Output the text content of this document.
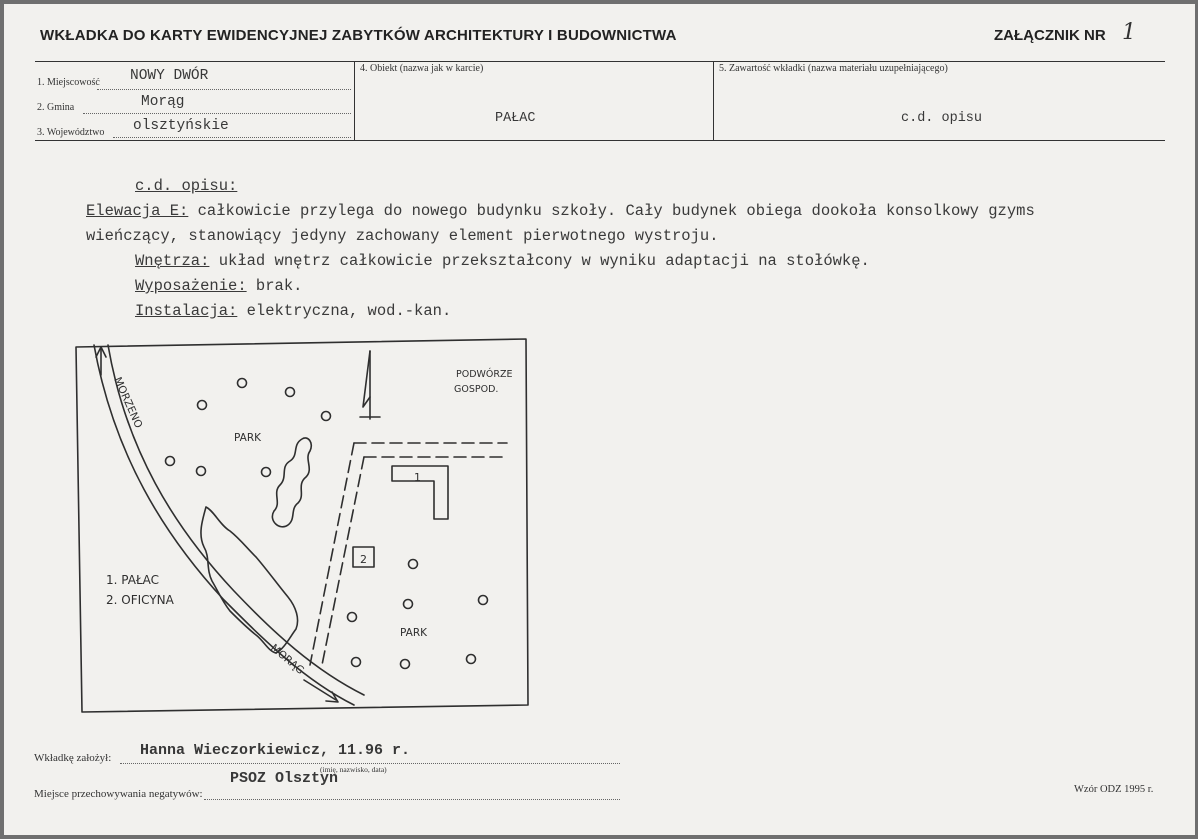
WKŁADKA DO KARTY EWIDENCYJNEJ ZABYTKÓW ARCHITEKTURY I BUDOWNICTWA	ZAŁĄCZNIK NR 1
1. Miejscowość NOWY DWÓR
2. Gmina	Morąg
3. Województwo olsztyńskie
4. Obiekt (nazwa jak w karcie)
PAŁAC
5. Zawartość wkładki (nazwa materiału uzupełniającego)
c.d. opisu
c.d. opisu:
Elewacja E: całkowicie przylega do nowego budynku szkoły. Cały budynek obiega dookoła konsolkowy gzyms
wieńczący, stanowiący jedyny zachowany element pierwotnego wystroju.
Wnętrza: układ wnętrz całkowicie przekształcony w wyniku adaptacji na stołówkę.
Wyposażenie: brak.
Instalacja: elektryczna, wod.-kan.
MORZENO
MORĄG
PARK
PARK
PODWÓRZE
GOSPOD.
1
2
1. PAŁAC
2. OFICYNA
Wkładkę założył: Hanna Wieczorkiewicz, 11.96 r.
(imię, nazwisko, data)
PSOZ Olsztyn
Miejsce przechowywania negatywów:	Wzór ODZ 1995 r.
